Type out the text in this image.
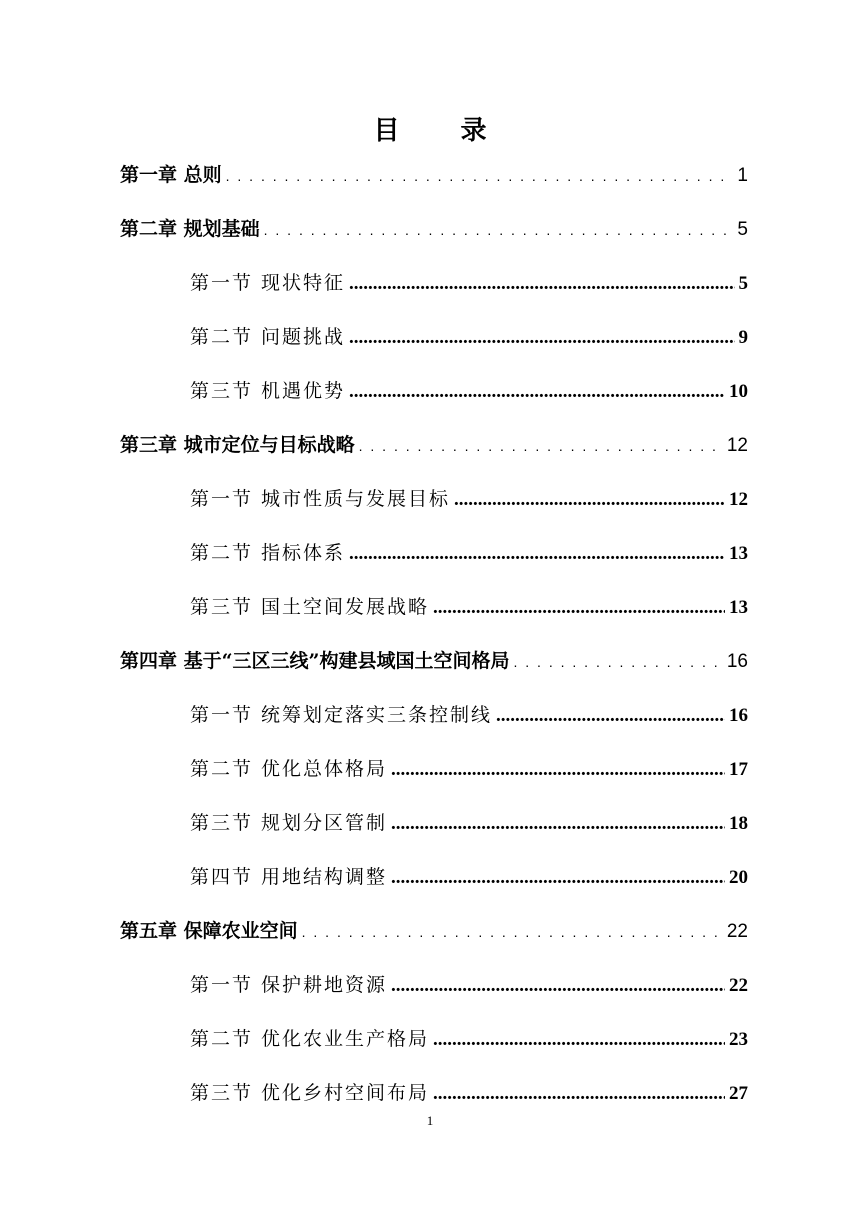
目 录
第一章 总则 . . .	1
第二章 规划基础 . . .	5
第一节 现状特征 .....	5
第二节 问题挑战 .....	9
第三节 机遇优势 .....	10
第三章 城市定位与目标战略 . . .	12
第一节 城市性质与发展目标 .....	12
第二节 指标体系 .....	13
第三节 国土空间发展战略 .....	13
第四章 基于“三区三线”构建县域国土空间格局 . . .	16
第一节 统筹划定落实三条控制线 .....	16
第二节 优化总体格局 .....	17
第三节 规划分区管制 .....	18
第四节 用地结构调整 .....	20
第五章 保障农业空间 . . .	22
第一节 保护耕地资源 .....	22
第二节 优化农业生产格局 .....	23
第三节 优化乡村空间布局 .....	27
1
